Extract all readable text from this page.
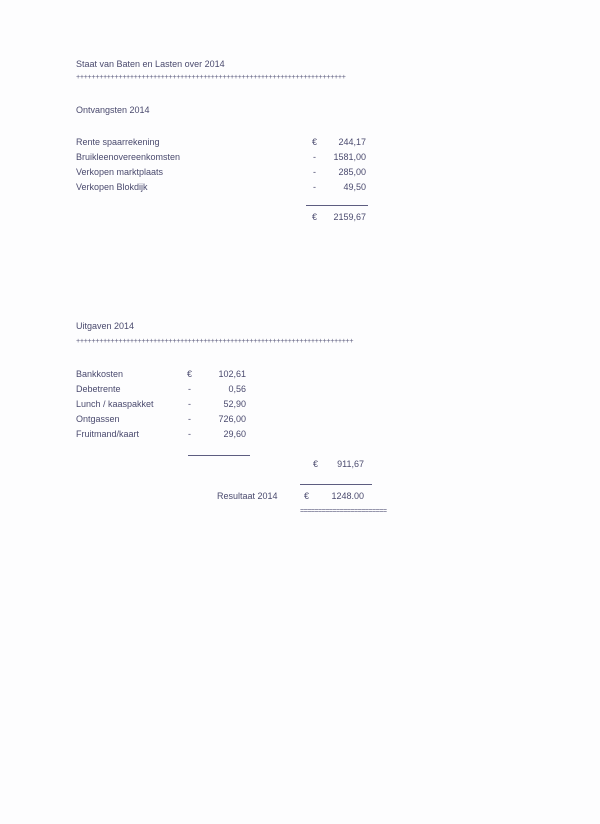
Staat van Baten en Lasten over 2014
++++++++++++++++++++++++++++++++++++++++++++++++++++++++++++++++++++++
Ontvangsten 2014
Rente spaarrekening	€	244,17
Bruikleenovereenkomsten	-	1581,00
Verkopen marktplaats	-	285,00
Verkopen Blokdijk	-	49,50
€	2159,67
Uitgaven 2014
++++++++++++++++++++++++++++++++++++++++++++++++++++++++++++++++++++++++
Bankkosten	€	102,61
Debetrente	-	0,56
Lunch / kaaspakket	-	52,90
Ontgassen	-	726,00
Fruitmand/kaart	-	29,60
€	911,67
Resultaat 2014	€	1248.00
========================
